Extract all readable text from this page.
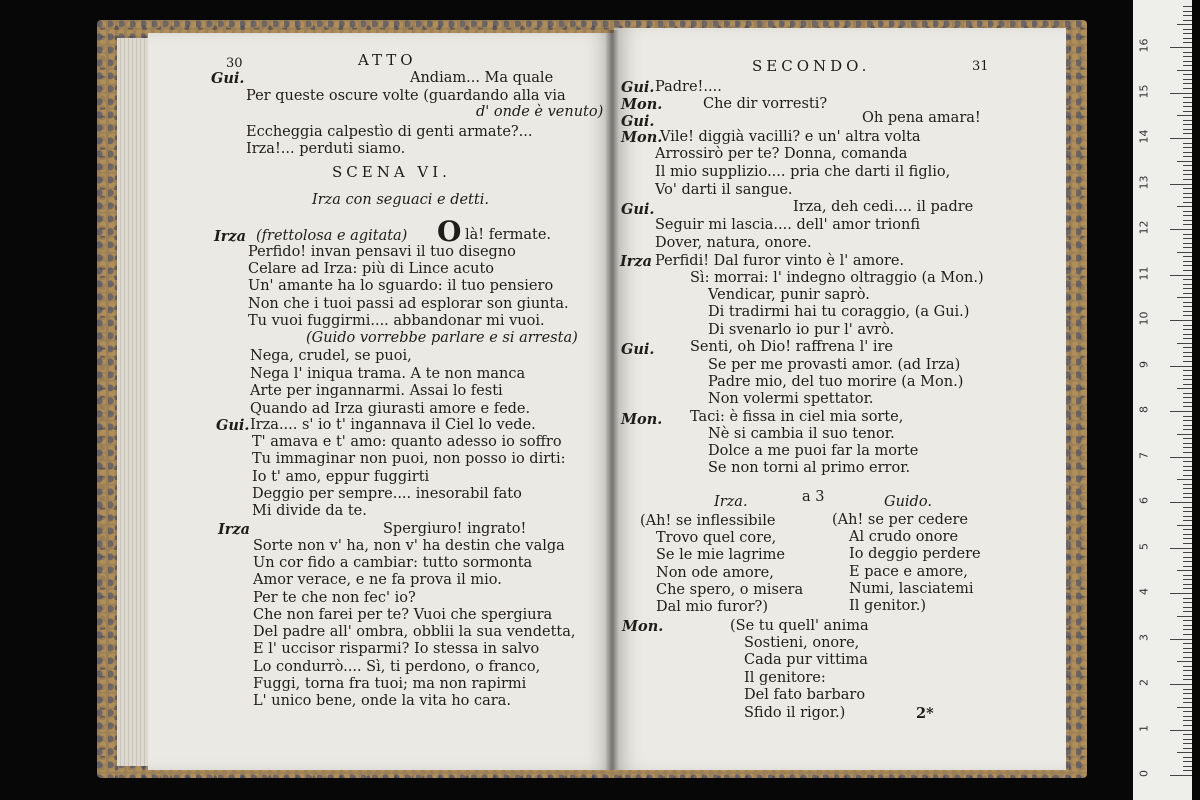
30	ATTO
Gui.	Andiam... Ma quale
Per queste oscure volte (guardando alla via
d' onde è venuto)
Eccheggia calpestìo di genti armate?...
Irza!... perduti siamo.
SCENA VI.
Irza con seguaci e detti.
Irza (frettolosa e agitata) O là! fermate.
Perfido! invan pensavi il tuo disegno
Celare ad Irza: più di Lince acuto
Un' amante ha lo sguardo: il tuo pensiero
Non che i tuoi passi ad esplorar son giunta.
Tu vuoi fuggirmi.... abbandonar mi vuoi.
(Guido vorrebbe parlare e si arresta)
Nega, crudel, se puoi,
Nega l' iniqua trama. A te non manca
Arte per ingannarmi. Assai lo festi
Quando ad Irza giurasti amore e fede.
Gui. Irza.... s' io t' ingannava il Ciel lo vede.
T' amava e t' amo: quanto adesso io soffro
Tu immaginar non puoi, non posso io dirti:
Io t' amo, eppur fuggirti
Deggio per sempre.... inesorabil fato
Mi divide da te.
Irza	Spergiuro! ingrato!
Sorte non v' ha, non v' ha destin che valga
Un cor fido a cambiar: tutto sormonta
Amor verace, e ne fa prova il mio.
Per te che non fec' io?
Che non farei per te? Vuoi che spergiura
Del padre all' ombra, obblii la sua vendetta,
E l' uccisor risparmi? Io stessa in salvo
Lo condurrò.... Sì, ti perdono, o franco,
Fuggi, torna fra tuoi; ma non rapirmi
L' unico bene, onde la vita ho cara.
SECONDO.	31
Gui. Padre!....
Mon.	Che dir vorresti?
Gui.	Oh pena amara!
Mon.
Vile! diggià vacilli? e un' altra volta
Arrossirò per te? Donna, comanda
Il mio supplizio.... pria che darti il figlio,
Vo' darti il sangue.
Gui.	Irza, deh cedi.... il padre
Seguir mi lascia.... dell' amor trionfi
Dover, natura, onore.
Irza Perfidi! Dal furor vinto è l' amore.
Sì: morrai: l' indegno oltraggio (a Mon.)
Vendicar, punir saprò.
Di tradirmi hai tu coraggio, (a Gui.)
Di svenarlo io pur l' avrò.
Gui. Senti, oh Dio! raffrena l' ire
Se per me provasti amor. (ad Irza)
Padre mio, del tuo morire (a Mon.)
Non volermi spettator.
Mon. Taci: è fissa in ciel mia sorte,
Nè si cambia il suo tenor.
Dolce a me puoi far la morte
Se non torni al primo error.
Irza.	a 3	Guido.
(Ah! se inflessibile
Trovo quel core,
Se le mie lagrime
Non ode amore,
Che spero, o misera
Dal mio furor?)
(Ah! se per cedere
Al crudo onore
Io deggio perdere
E pace e amore,
Numi, lasciatemi
Il genitor.)
Mon.	(Se tu quell' anima
Sostieni, onore,
Cada pur vittima
Il genitore:
Del fato barbaro
Sfido il rigor.)	2*
0
1
2
3
4
5
6
7
8
9
10
11
12
13
14
15
16
